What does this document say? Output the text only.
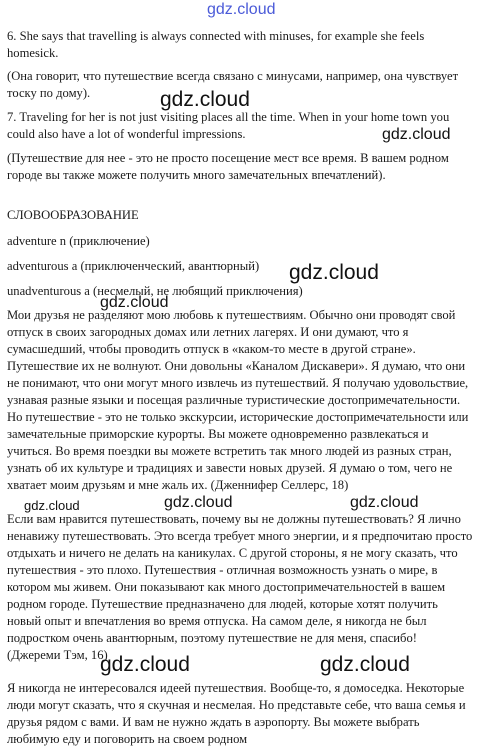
6. She says that travelling is always connected with minuses, for example she feels homesick.

(Она говорит, что путешествие всегда связано с минусами, например, она чувствует тоску по дому).

7. Traveling for her is not just visiting places all the time. When in your home town you could also have a lot of wonderful impressions.

(Путешествие для нее - это не просто посещение мест все время. В вашем родном городе вы также можете получить много замечательных впечатлений).

СЛОВООБРАЗОВАНИЕ

adventure n (приключение)

adventurous a (приключенческий, авантюрный)

unadventurous a (несмелый, не любящий приключения)

Мои друзья не разделяют мою любовь к путешествиям. Обычно они проводят свой отпуск в своих загородных домах или летних лагерях. И они думают, что я сумасшедший, чтобы проводить отпуск в «каком-то месте в другой стране». Путешествие их не волнуют. Они довольны «Каналом Дискавери». Я думаю, что они не понимают, что они могут много извлечь из путешествий. Я получаю удовольствие, узнавая разные языки и посещая различные туристические достопримечательности. Но путешествие - это не только экскурсии, исторические достопримечательности или замечательные приморские курорты. Вы можете одновременно развлекаться и учиться. Во время поездки вы можете встретить так много людей из разных стран, узнать об их культуре и традициях и завести новых друзей. Я думаю о том, чего не хватает моим друзьям и мне жаль их. (Дженнифер Селлерс, 18)

Если вам нравится путешествовать, почему вы не должны путешествовать? Я лично ненавижу путешествовать. Это всегда требует много энергии, и я предпочитаю просто отдыхать и ничего не делать на каникулах. С другой стороны, я не могу сказать, что путешествия - это плохо. Путешествия - отличная возможность узнать о мире, в котором мы живем. Они показывают как много достопримечательностей в вашем родном городе. Путешествие предназначено для людей, которые хотят получить новый опыт и впечатления во время отпуска. На самом деле, я никогда не был подростком очень авантюрным, поэтому путешествие не для меня, спасибо! (Джереми Тэм, 16)

Я никогда не интересовался идеей путешествия. Вообще-то, я домоседка. Некоторые люди могут сказать, что я скучная и несмелая. Но представьте себе, что ваша семья и друзья рядом с вами. И вам не нужно ждать в аэропорту. Вы можете выбрать любимую еду и поговорить на своем родном

gdz.cloud
gdz.cloud
gdz.cloud
gdz.cloud
gdz.cloud
gdz.cloud	gdz.cloud	gdz.cloud
gdz.cloud	gdz.cloud
